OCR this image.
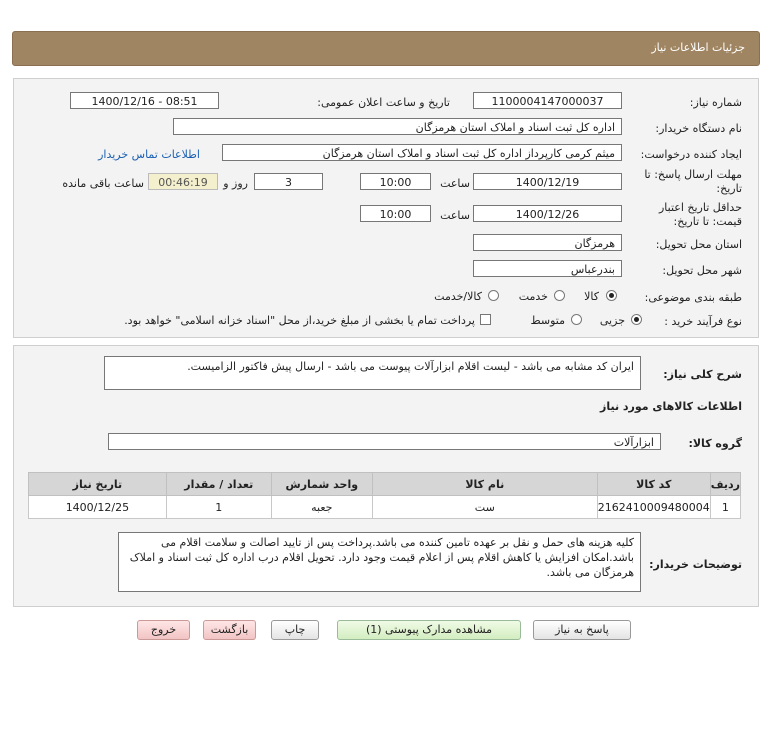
جزئیات اطلاعات نیاز
شماره نیاز:
1100004147000037
تاریخ و ساعت اعلان عمومی:
1400/12/16 - 08:51
نام دستگاه خریدار:
اداره کل ثبت اسناد و املاک استان هرمزگان
ایجاد کننده درخواست:
میثم کرمی کارپرداز اداره کل ثبت اسناد و املاک استان هرمزگان
اطلاعات تماس خریدار
مهلت ارسال پاسخ: تا
تاریخ:
1400/12/19
ساعت
10:00
3
روز و
00:46:19
ساعت باقی مانده
حداقل تاریخ اعتبار
قیمت: تا تاریخ:
1400/12/26
ساعت
10:00
استان محل تحویل:
هرمزگان
شهر محل تحویل:
بندرعباس
طبقه بندی موضوعی:
کالا
خدمت
کالا/خدمت
نوع فرآیند خرید :
جزیی
متوسط
پرداخت تمام یا بخشی از مبلغ خرید،از محل "اسناد خزانه اسلامی" خواهد بود.
شرح کلی نیاز:
ایران کد مشابه می باشد - لیست اقلام ابزارآلات پیوست می باشد - ارسال پیش فاکتور الزامیست.
اطلاعات کالاهای مورد نیاز
گروه کالا:
ابزارآلات
ردیف	کد کالا	نام کالا	واحد شمارش	تعداد / مقدار	تاریخ نیاز
1	2162410009480004	ست	جعبه	1	1400/12/25
توضیحات خریدار:
کلیه هزینه های حمل و نقل بر عهده تامین کننده می باشد.پرداخت پس از تایید اصالت و سلامت اقلام می باشد.امکان افزایش یا کاهش اقلام پس از اعلام قیمت وجود دارد. تحویل اقلام درب اداره کل ثبت اسناد و املاک هرمزگان می باشد.
پاسخ به نیاز
مشاهده مدارک پیوستی (1)
چاپ
بازگشت
خروج
